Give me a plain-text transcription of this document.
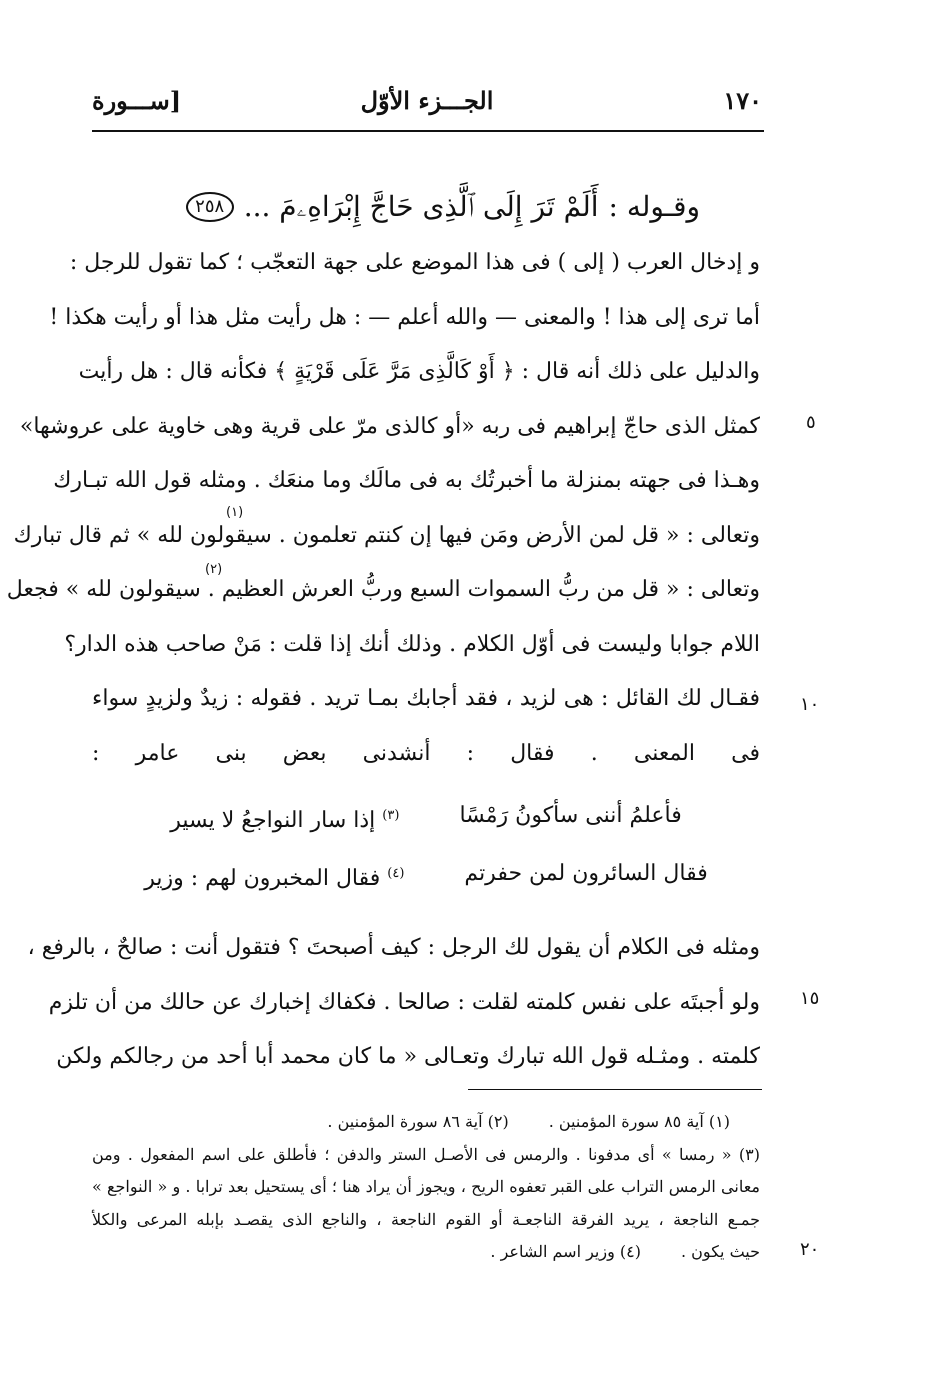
١٧٠
الجـــزء الأوّل
[ســـورة
وقـوله :
أَلَمْ تَرَ إِلَى ٱلَّذِى حَاجَّ إِبْرَاهِۦمَ ...
٢٥٨
و إدخال العرب ( إلى ) فى هذا الموضع على جهة التعجّب ؛ كما تقول للرجل :
أما ترى إلى هذا ! والمعنى — والله أعلم — : هل رأيت مثل هذا أو رأيت هكذا !
والدليل على ذلك أنه قال : ﴿ أَوْ كَالَّذِى مَرَّ عَلَى قَرْيَةٍ ﴾ فكأنه قال : هل رأيت
كمثل الذى حاجّ إبراهيم فى ربه «أو كالذى مرّ على قرية وهى خاوية على عروشها»
وهـذا فى جهته بمنزلة ما أخبرتُك به فى مالَك وما منعَك . ومثله قول الله تبـارك
وتعالى : « قل لمن الأرض ومَن فيها إن كنتم تعلمون . سيقولون لله » ثم قال تبارك
وتعالى : « قل من ربُّ السموات السبع وربُّ العرش العظيم . سيقولون لله » فجعل
اللام جوابا وليست فى أوّل الكلام . وذلك أنك إذا قلت : مَنْ صاحب هذه الدار؟
فقـال لك القائل : هى لزيد ، فقد أجابك بمـا تريد . فقوله : زيدٌ ولزيدٍ سواء
فى المعنى . فقال : أنشدنى بعض بنى عامر :
فأعلمُ أننى سأكونُ رَمْسًا
(٣) إذا سار النواجعُ لا يسير
فقال السائرون لمن حفرتم
(٤) فقال المخبرون لهم : وزير
ومثله فى الكلام أن يقول لك الرجل : كيف أصبحتَ ؟ فتقول أنت : صالحٌ ، بالرفع ،
ولو أجبتَه على نفس كلمته لقلت : صالحا . فكفاك إخبارك عن حالك من أن تلزم
كلمته . ومثـله قول الله تبارك وتعـالى « ما كان محمد أبا أحد من رجالكم ولكن
(١)
(٢)
٥
١٠
١٥
٢٠
(١) آية ٨٥ سورة المؤمنين .
(٢) آية ٨٦ سورة المؤمنين .
(٣) « رمسا » أى مدفونا . والرمس فى الأصـل الستر والدفن ؛ فأطلق على اسم المفعول . ومن
معانى الرمس التراب على القبر تعفوه الريح ، ويجوز أن يراد هنا ؛ أى يستحيل بعد ترابا . و « النواجع »
جمـع الناجعة ، يريد الفرقة الناجعـة أو القوم الناجعة ، والناجع الذى يقصـد بإبله المرعى والكلأ
حيث يكون .
(٤) وزير اسم الشاعر .
